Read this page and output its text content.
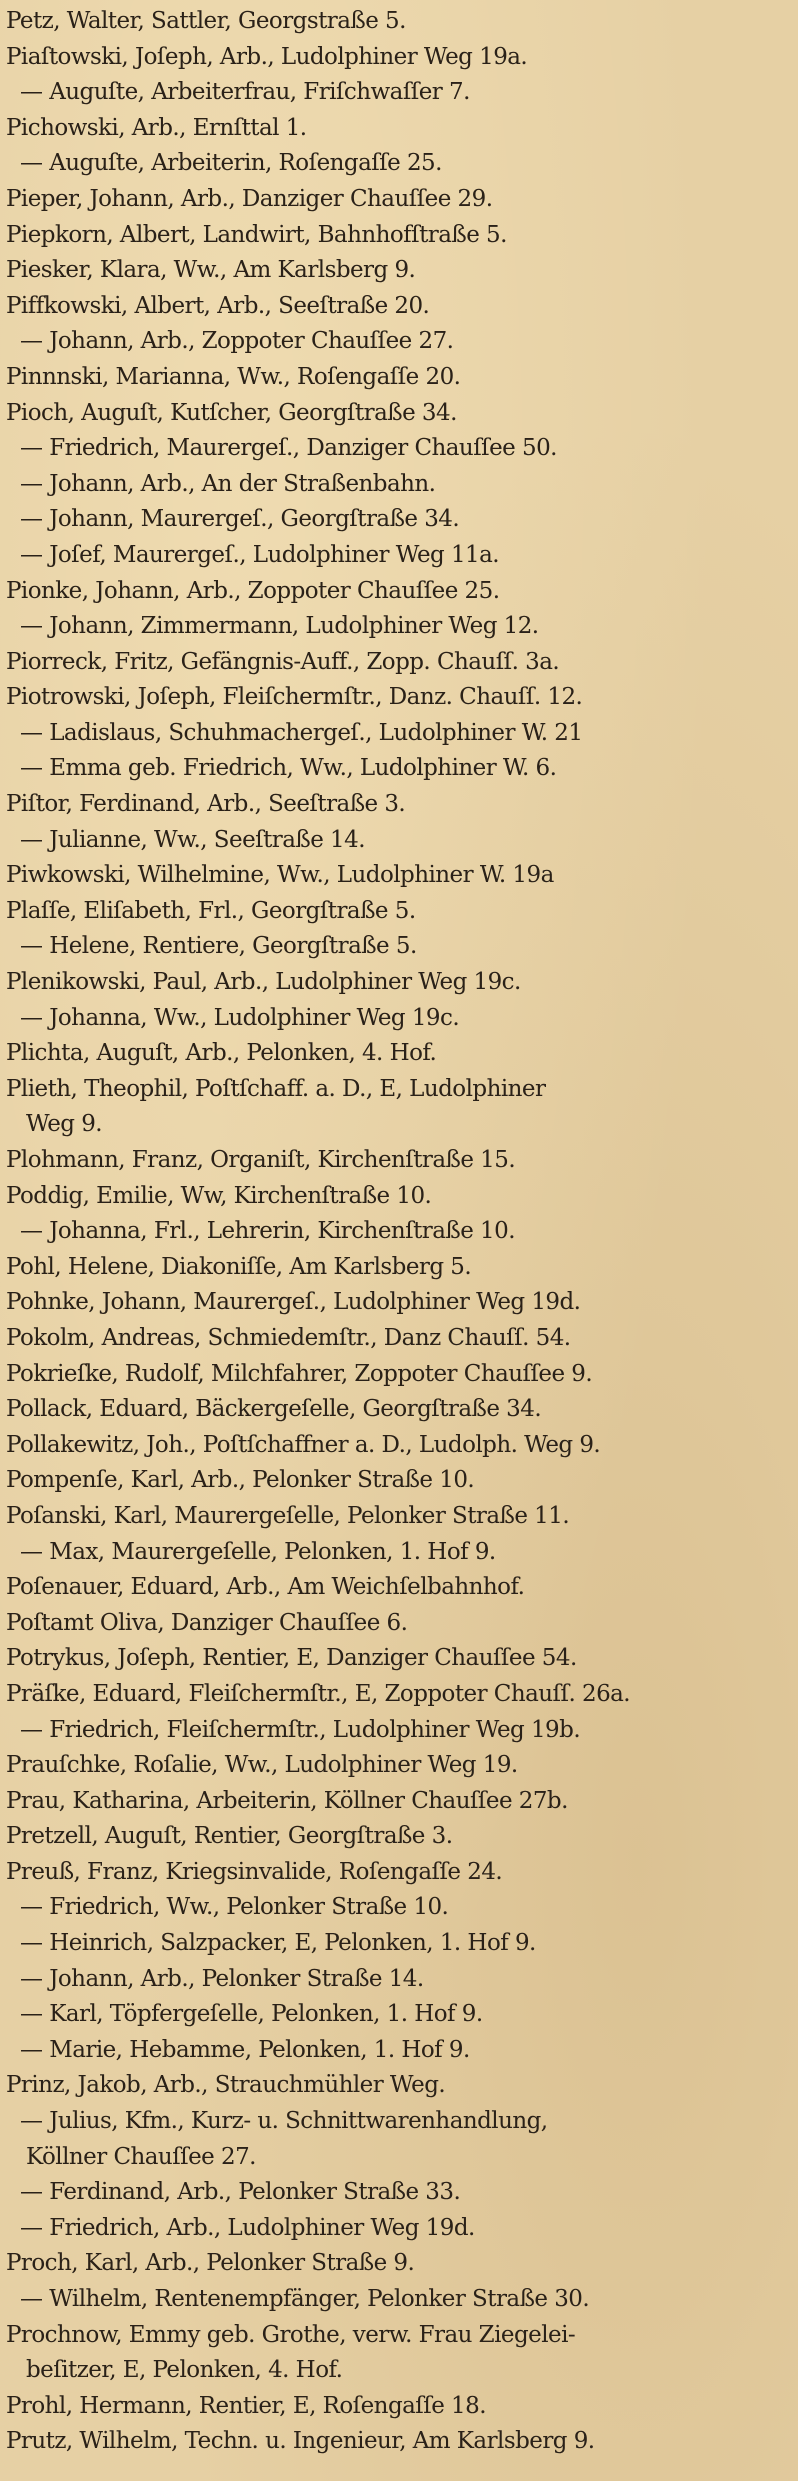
Petz, Walter, Sattler, Georgstraße 5.
Piaſtowski, Joſeph, Arb., Ludolphiner Weg 19a.
— Auguſte, Arbeiterfrau, Friſchwaſſer 7.
Pichowski, Arb., Ernſttal 1.
— Auguſte, Arbeiterin, Roſengaſſe 25.
Pieper, Johann, Arb., Danziger Chauſſee 29.
Piepkorn, Albert, Landwirt, Bahnhofſtraße 5.
Piesker, Klara, Ww., Am Karlsberg 9.
Piffkowski, Albert, Arb., Seeſtraße 20.
— Johann, Arb., Zoppoter Chauſſee 27.
Pinnnski, Marianna, Ww., Roſengaſſe 20.
Pioch, Auguſt, Kutſcher, Georgſtraße 34.
— Friedrich, Maurergeſ., Danziger Chauſſee 50.
— Johann, Arb., An der Straßenbahn.
— Johann, Maurergeſ., Georgſtraße 34.
— Joſef, Maurergeſ., Ludolphiner Weg 11a.
Pionke, Johann, Arb., Zoppoter Chauſſee 25.
— Johann, Zimmermann, Ludolphiner Weg 12.
Piorreck, Fritz, Gefängnis-Auff., Zopp. Chauſſ. 3a.
Piotrowski, Joſeph, Fleiſchermſtr., Danz. Chauſſ. 12.
— Ladislaus, Schuhmachergeſ., Ludolphiner W. 21
— Emma geb. Friedrich, Ww., Ludolphiner W. 6.
Piſtor, Ferdinand, Arb., Seeſtraße 3.
— Julianne, Ww., Seeſtraße 14.
Piwkowski, Wilhelmine, Ww., Ludolphiner W. 19a
Plaſſe, Eliſabeth, Frl., Georgſtraße 5.
— Helene, Rentiere, Georgſtraße 5.
Plenikowski, Paul, Arb., Ludolphiner Weg 19c.
— Johanna, Ww., Ludolphiner Weg 19c.
Plichta, Auguſt, Arb., Pelonken, 4. Hof.
Plieth, Theophil, Poſtſchaff. a. D., E, Ludolphiner
Weg 9.
Plohmann, Franz, Organiſt, Kirchenſtraße 15.
Poddig, Emilie, Ww, Kirchenſtraße 10.
— Johanna, Frl., Lehrerin, Kirchenſtraße 10.
Pohl, Helene, Diakoniſſe, Am Karlsberg 5.
Pohnke, Johann, Maurergeſ., Ludolphiner Weg 19d.
Pokolm, Andreas, Schmiedemſtr., Danz Chauſſ. 54.
Pokrieſke, Rudolf, Milchfahrer, Zoppoter Chauſſee 9.
Pollack, Eduard, Bäckergeſelle, Georgſtraße 34.
Pollakewitz, Joh., Poſtſchaffner a. D., Ludolph. Weg 9.
Pompenſe, Karl, Arb., Pelonker Straße 10.
Poſanski, Karl, Maurergeſelle, Pelonker Straße 11.
— Max, Maurergeſelle, Pelonken, 1. Hof 9.
Poſenauer, Eduard, Arb., Am Weichſelbahnhof.
Poſtamt Oliva, Danziger Chauſſee 6.
Potrykus, Joſeph, Rentier, E, Danziger Chauſſee 54.
Präſke, Eduard, Fleiſchermſtr., E, Zoppoter Chauſſ. 26a.
— Friedrich, Fleiſchermſtr., Ludolphiner Weg 19b.
Prauſchke, Roſalie, Ww., Ludolphiner Weg 19.
Prau, Katharina, Arbeiterin, Köllner Chauſſee 27b.
Pretzell, Auguſt, Rentier, Georgſtraße 3.
Preuß, Franz, Kriegsinvalide, Roſengaſſe 24.
— Friedrich, Ww., Pelonker Straße 10.
— Heinrich, Salzpacker, E, Pelonken, 1. Hof 9.
— Johann, Arb., Pelonker Straße 14.
— Karl, Töpfergeſelle, Pelonken, 1. Hof 9.
— Marie, Hebamme, Pelonken, 1. Hof 9.
Prinz, Jakob, Arb., Strauchmühler Weg.
— Julius, Kfm., Kurz- u. Schnittwarenhandlung,
Köllner Chauſſee 27.
— Ferdinand, Arb., Pelonker Straße 33.
— Friedrich, Arb., Ludolphiner Weg 19d.
Proch, Karl, Arb., Pelonker Straße 9.
— Wilhelm, Rentenempfänger, Pelonker Straße 30.
Prochnow, Emmy geb. Grothe, verw. Frau Ziegelei-
beſitzer, E, Pelonken, 4. Hof.
Prohl, Hermann, Rentier, E, Roſengaſſe 18.
Prutz, Wilhelm, Techn. u. Ingenieur, Am Karlsberg 9.
